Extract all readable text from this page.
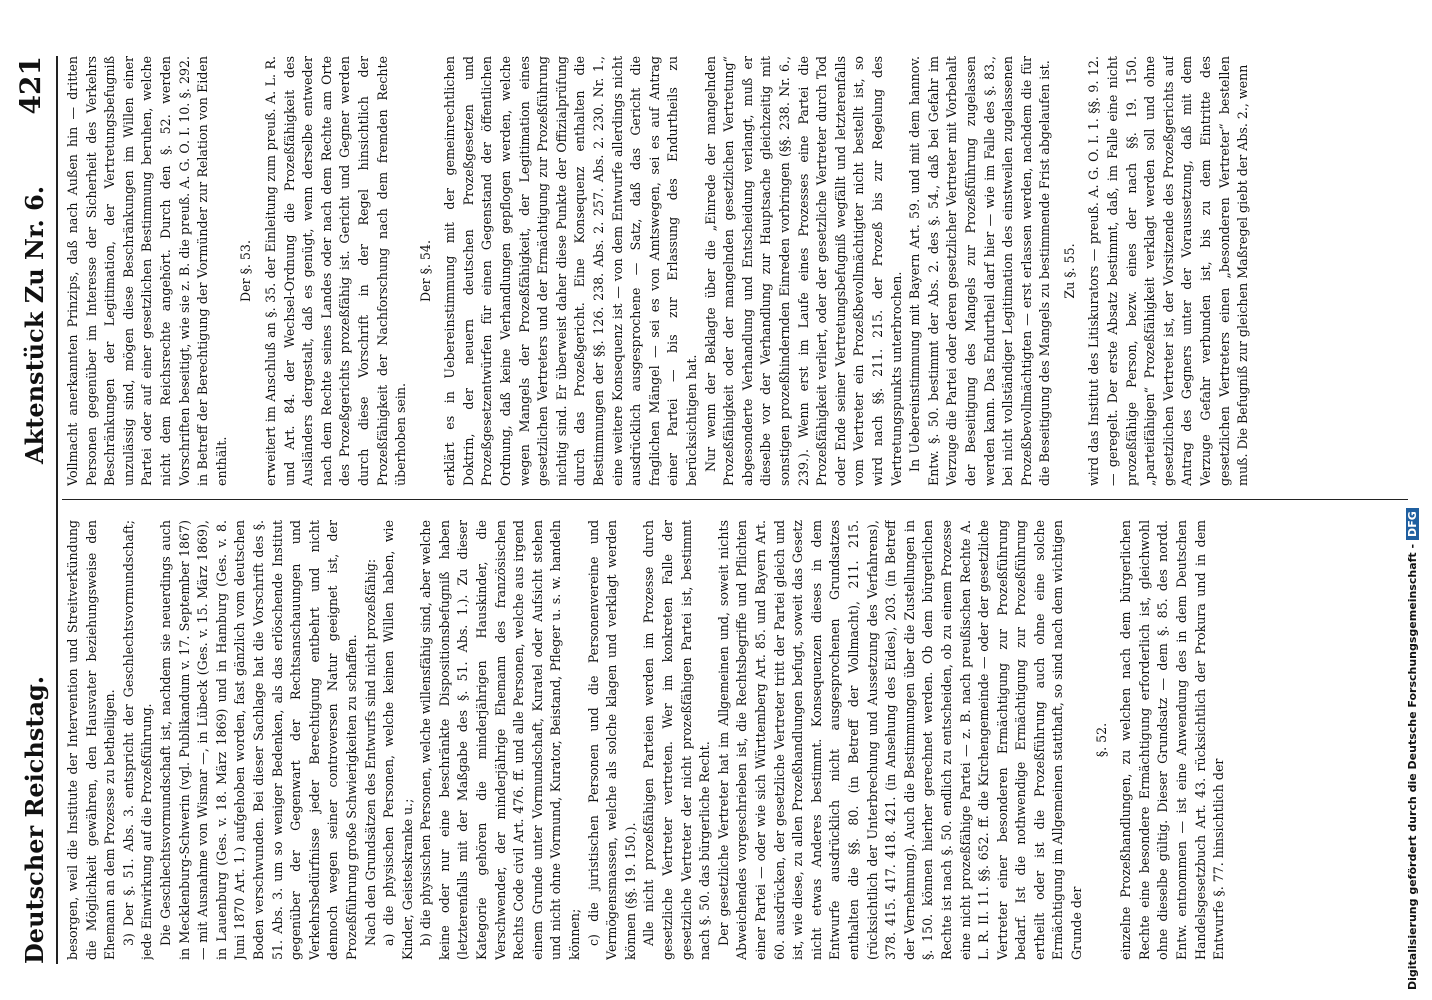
Deutscher Reichstag.
Aktenstück Zu Nr. 6.
421

besorgen, weil die Institute der Intervention und Streitverkündung die Möglichkeit gewähren, den Hausvater beziehungsweise den Ehemann an dem Prozesse zu betheiligen. 3) Der §. 51. Abs. 3. entspricht der Geschlechtsvormundschaft; jede Einwirkung auf die Prozeßführung. Die Geschlechtsvormundschaft ist, nachdem sie neuerdings auch in Mecklenburg-Schwerin (vgl. Publikandum v. 17. September 1867) — mit Ausnahme von Wismar —, in Lübeck (Ges. v. 15. März 1869), in Lauenburg (Ges. v. 18. März 1869) und in Hamburg (Ges. v. 8. Juni 1870 Art. 1.) aufgehoben worden, fast gänzlich vom deutschen Boden verschwunden. Bei dieser Sachlage hat die Vorschrift des §. 51. Abs. 3. um so weniger Bedenken, als das erlöschende Institut gegenüber der Gegenwart der Rechtsanschauungen und Verkehrsbedürfnisse jeder Berechtigung entbehrt und nicht dennoch wegen seiner controversen Natur geeignet ist, der Prozeßführung große Schwierigkeiten zu schaffen. Nach den Grundsätzen des Entwurfs sind nicht prozeßfähig: a) die physischen Personen, welche keinen Willen haben, wie Kinder, Geisteskranke u.; b) die physischen Personen, welche willensfähig sind, aber welche keine oder nur eine beschränkte Dispositionsbefugniß haben (letzterenfalls mit der Maßgabe des §. 51. Abs. 1.). Zu dieser Kategorie gehören die minderjährigen Hauskinder, die Verschwender, der minderjährige Ehemann des französischen Rechts Code civil Art. 476. ff. und alle Personen, welche aus irgend einem Grunde unter Vormundschaft, Kuratel oder Aufsicht stehen und nicht ohne Vormund, Kurator, Beistand, Pfleger u. s. w. handeln können; c) die juristischen Personen und die Personenvereine und Vermögensmassen, welche als solche klagen und verklagt werden können (§§. 19. 150.). Alle nicht prozeßfähigen Parteien werden im Prozesse durch gesetzliche Vertreter vertreten. Wer im konkreten Falle der gesetzliche Vertreter der nicht prozeßfähigen Partei ist, bestimmt nach §. 50. das bürgerliche Recht. Der gesetzliche Vertreter hat im Allgemeinen und, soweit nichts Abweichendes vorgeschrieben ist, die Rechtsbegriffe und Pflichten einer Partei — oder wie sich Württemberg Art. 85. und Bayern Art. 60. ausdrücken, der gesetzliche Vertreter tritt der Partei gleich und ist, wie diese, zu allen Prozeßhandlungen befugt, soweit das Gesetz nicht etwas Anderes bestimmt. Konsequenzen dieses in dem Entwurfe ausdrücklich nicht ausgesprochenen Grundsatzes enthalten die §§. 80. (in Betreff der Vollmacht), 211. 215. (rücksichtlich der Unterbrechung und Aussetzung des Verfahrens), 378. 415. 417. 418. 421. (in Ansehung des Eides), 203. (in Betreff der Vernehmung). Auch die Bestimmungen über die Zustellungen in §. 150. können hierher gerechnet werden. Ob dem bürgerlichen Rechte ist nach §. 50. endlich zu entscheiden, ob zu einem Prozesse eine nicht prozeßfähige Partei — z. B. nach preußischen Rechte A. L. R. II. 11. §§. 652. ff. die Kirchengemeinde — oder der gesetzliche Vertreter einer besonderen Ermächtigung zur Prozeßführung bedarf. Ist die nothwendige Ermächtigung zur Prozeßführung ertheilt oder ist die Prozeßführung auch ohne eine solche Ermächtigung im Allgemeinen statthaft, so sind nach dem wichtigen Grunde der

§. 52. einzelne Prozeßhandlungen, zu welchen nach dem bürgerlichen Rechte eine besondere Ermächtigung erforderlich ist, gleichwohl ohne dieselbe gültig. Dieser Grundsatz — dem §. 85. des nordd. Entw. entnommen — ist eine Anwendung des in dem Deutschen Handelsgesetzbuch Art. 43. rücksichtlich der Prokura und in dem Entwurfe §. 77. hinsichtlich der

Vollmacht anerkannten Prinzips, daß nach Außen hin — dritten Personen gegenüber im Interesse der Sicherheit des Verkehrs Beschränkungen der Legitimation, der Vertretungsbefugniß unzulässig sind, mögen diese Beschränkungen im Willen einer Partei oder auf einer gesetzlichen Bestimmung beruhen, welche nicht dem Reichsrechte angehört. Durch den §. 52. werden Vorschriften beseitigt, wie sie z. B. die preuß. A. G. O. I. 10. §. 292. in Betreff der Berechtigung der Vormünder zur Relation von Eiden enthält.

Der §. 53. erweitert im Anschluß an §. 35. der Einleitung zum preuß. A. L. R. und Art. 84. der Wechsel-Ordnung die Prozeßfähigkeit des Ausländers dergestalt, daß es genügt, wenn derselbe entweder nach dem Rechte seines Landes oder nach dem Rechte am Orte des Prozeßgerichts prozeßfähig ist. Gericht und Gegner werden durch diese Vorschrift in der Regel hinsichtlich der Prozeßfähigkeit der Nachforschung nach dem fremden Rechte überhoben sein.

Der §. 54. erklärt es in Uebereinstimmung mit der gemeinrechtlichen Doktrin, der neuern deutschen Prozeßgesetzen und Prozeßgesetzentwürfen für einen Gegenstand der öffentlichen Ordnung, daß keine Verhandlungen gepflogen werden, welche wegen Mangels der Prozeßfähigkeit, der Legitimation eines gesetzlichen Vertreters und der Ermächtigung zur Prozeßführung nichtig sind. Er überweist daher diese Punkte der Offizialprüfung durch das Prozeßgericht. Eine Konsequenz enthalten die Bestimmungen der §§. 126. 238. Abs. 2. 257. Abs. 2. 230. Nr. 1., eine weitere Konsequenz ist — von dem Entwurfe allerdings nicht ausdrücklich ausgesprochene — Satz, daß das Gericht die fraglichen Mängel — sei es von Amtswegen, sei es auf Antrag einer Partei — bis zur Erlassung des Endurtheils zu berücksichtigen hat. Nur wenn der Beklagte über die „Einrede der mangelnden Prozeßfähigkeit oder der mangelnden gesetzlichen Vertretung“ abgesonderte Verhandlung und Entscheidung verlangt, muß er dieselbe vor der Verhandlung zur Hauptsache gleichzeitig mit sonstigen prozeßhindernden Einreden vorbringen (§§. 238. Nr. 6., 239.). Wenn erst im Laufe eines Prozesses eine Partei die Prozeßfähigkeit verliert, oder der gesetzliche Vertreter durch Tod oder Ende seiner Vertretungsbefugniß wegfällt und letzterenfalls vom Vertreter ein Prozeßbevollmächtigter nicht bestellt ist, so wird nach §§. 211. 215. der Prozeß bis zur Regelung des Vertretungspunkts unterbrochen. In Uebereinstimmung mit Bayern Art. 59. und mit dem hannov. Entw. §. 50. bestimmt der Abs. 2. des §. 54., daß bei Gefahr im Verzuge die Partei oder deren gesetzlicher Vertreter mit Vorbehalt der Beseitigung des Mangels zur Prozeßführung zugelassen werden kann. Das Endurtheil darf hier — wie im Falle des §. 83., bei nicht vollständiger Legitimation des einstweilen zugelassenen Prozeßbevollmächtigten — erst erlassen werden, nachdem die für die Beseitigung des Mangels zu bestimmende Frist abgelaufen ist. Zu §. 55. wird das Institut des Litiskurators — preuß. A. G. O. I. 1. §§. 9. 12. — geregelt. Der erste Absatz bestimmt, daß, im Falle eine nicht prozeßfähige Person, bezw. eines der nach §§. 19. 150. „parteifähigen“ Prozeßfähigkeit verklagt werden soll und ohne gesetzlichen Vertreter ist, der Vorsitzende des Prozeßgerichts auf Antrag des Gegners unter der Voraussetzung, daß mit dem Verzuge Gefahr verbunden ist, bis zu dem Eintritte des gesetzlichen Vertreters einen „besonderen Vertreter“ bestellen muß. Die Befugniß zur gleichen Maßregel giebt der Abs. 2., wenn

Digitalisierung gefördert durch die Deutsche Forschungsgemeinschaft -DFG
